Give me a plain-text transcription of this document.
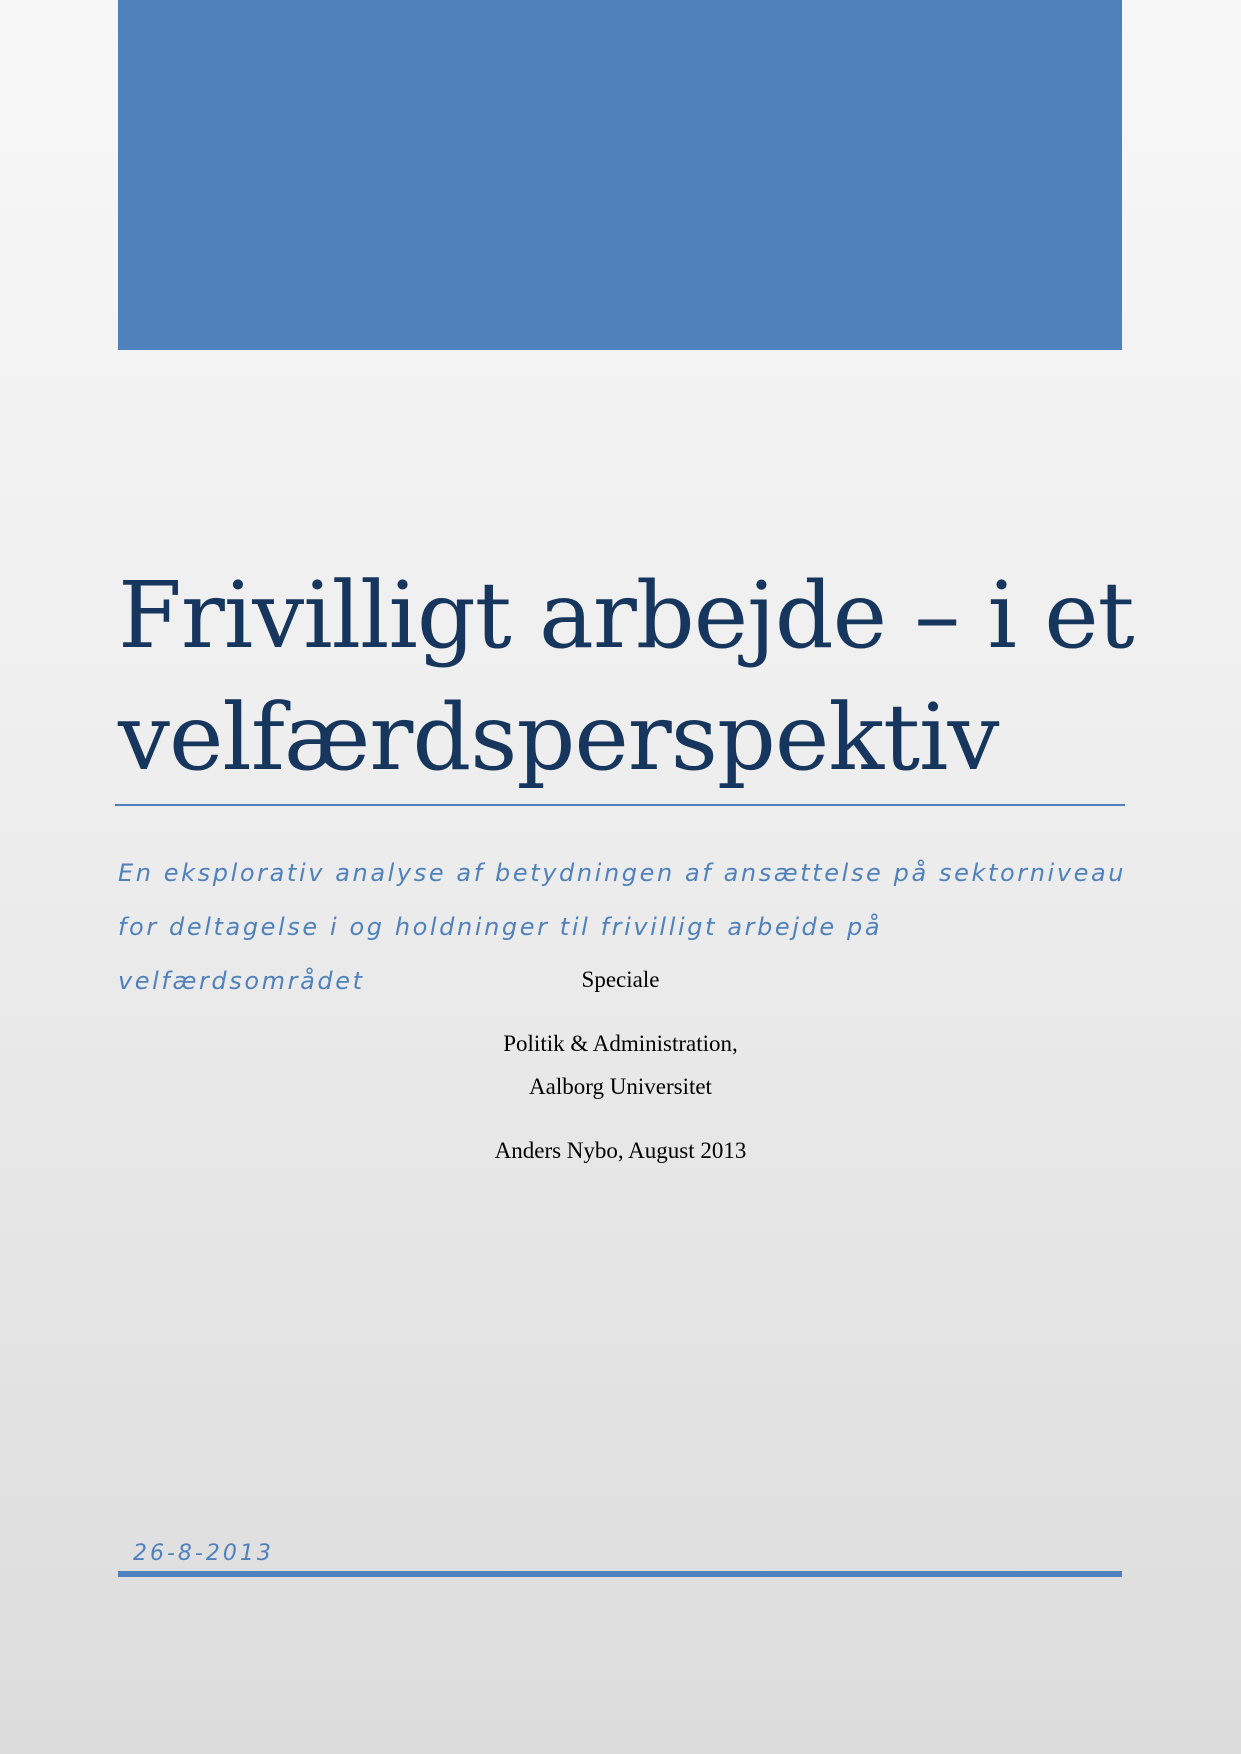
Frivilligt arbejde – i et
velfærdsperspektiv

En eksplorativ analyse af betydningen af ansættelse på sektorniveau for deltagelse i og holdninger til frivilligt arbejde på velfærdsområdet	Speciale
Politik & Administration,
Aalborg Universitet
Anders Nybo, August 2013
26-8-2013
